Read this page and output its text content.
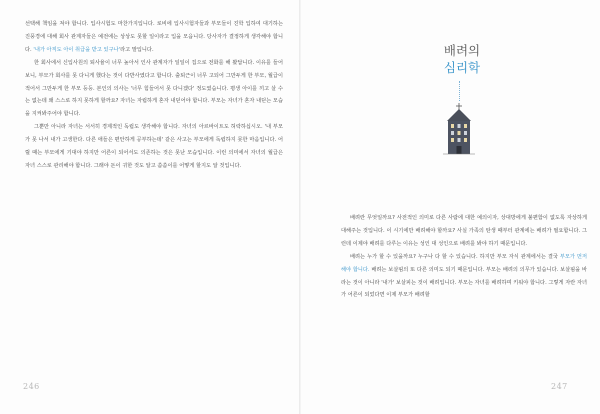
선택해 책임을 져야 합니다. 입사시험도 마찬가지입니다. 로비에 입사시험자들과 부모들이 진학 입하여 대기하는 진풍경에 대해 회사 관계자들은 예전에는 상상도 못할 일이라고 입을 모읍니다. 당사자가 결정하게 생각해야 합니다. '내가 아직도 아이 취급을 받고 있구나'라고 말입니다.

한 회사에서 신입사원의 퇴사율이 너무 높아서 인사 관계자가 일일이 집으로 전화를 해 봤답니다. 이유를 들어보니, 부모가 회사를 못 다니게 했다는 것이 다반사였다고 합니다. 출퇴근이 너무 고되어 그만두게 한 부모, 월급이 적어서 그만두게 한 부모 등등. 본인의 의사는 '너무 힘들어서 못 다니겠다' 정도였습니다. 평생 아이를 끼고 살 수는 없는데 왜 스스로 하지 못하게 할까요? 자녀는 자립하게 혼자 내딛어야 합니다. 부모는 자녀가 혼자 내딛는 모습을 지켜봐주어야 합니다.

그뿐만 아니라 자녀는 서서히 경제적인 독립도 생각해야 합니다. 자녀의 아르바이트도 허락하십시오. '내 부모가 못 나서 내가 고생한다. 다른 애들은 편안하게 공부하는데' 같은 사고는 부모에게 독립하지 못한 마음입니다. 어릴 때는 부모에게 기대야 하지만 어른이 되어서도 의존하는 것은 못난 모습입니다. 이런 의미에서 자녀의 월급은 자녀 스스로 관리해야 합니다. 그래야 돈이 귀한 것도 알고 씀씀이를 어떻게 할지도 알 것입니다.

246
배려의
심리학

배려란 무엇일까요? 사전적인 의미로 다른 사람에 대한 예의이자, 상대방에게 불편함이 없도록 자상하게 대해주는 것입니다. 이 시기에만 배려해야 할까요? 사실 가족의 탄생 때부터 관계에는 배려가 필요합니다. 그런데 이제야 배려를 다루는 이유는 성인 대 성인으로 배려를 봐야 하기 때문입니다.

배려는 누가 할 수 있을까요? 누구나 다 할 수 있습니다. 하지만 부모 자식 관계에서는 결국 부모가 먼저 해야 합니다. 배려는 보살핌의 또 다른 의미도 되기 때문입니다. 부모는 배려의 의무가 있습니다. 보살핌을 바라는 것이 아니라 '내가' 보살피는 것이 배려입니다. 부모는 자녀를 배려하며 키워야 합니다. 그렇게 자란 자녀가 어른이 되었다면 이제 부모가 배려할

247
